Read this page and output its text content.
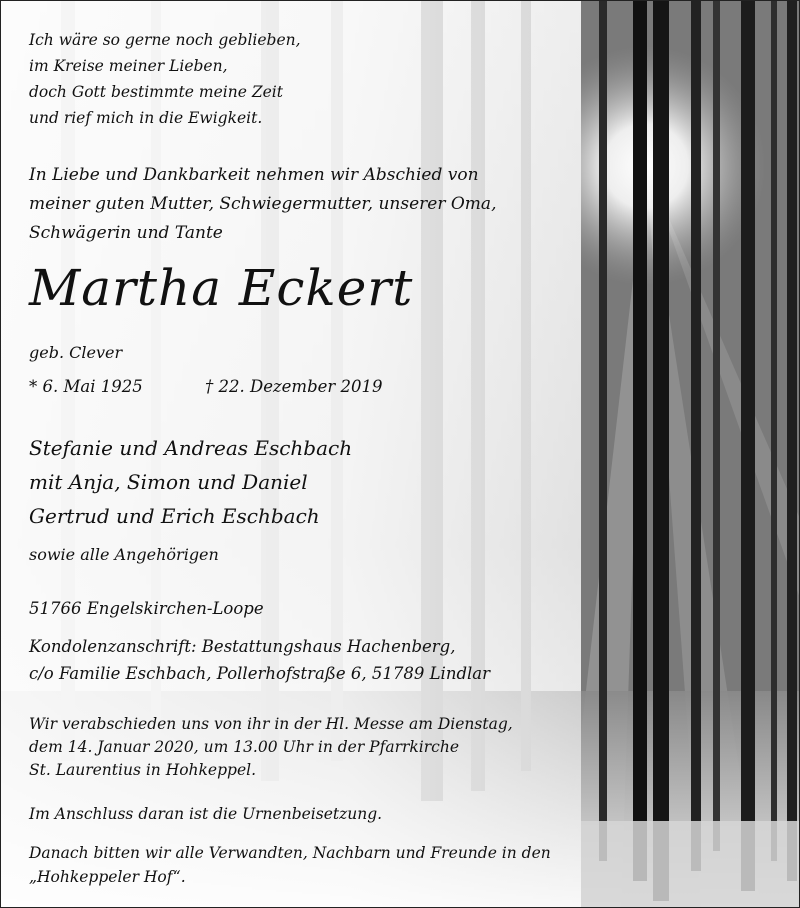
Ich wäre so gerne noch geblieben,
im Kreise meiner Lieben,
doch Gott bestimmte meine Zeit
und rief mich in die Ewigkeit.
In Liebe und Dankbarkeit nehmen wir Abschied von
meiner guten Mutter, Schwiegermutter, unserer Oma,
Schwägerin und Tante
Martha Eckert
geb. Clever
* 6. Mai 1925	† 22. Dezember 2019
Stefanie und Andreas Eschbach
mit Anja, Simon und Daniel
Gertrud und Erich Eschbach
sowie alle Angehörigen
51766 Engelskirchen-Loope
Kondolenzanschrift: Bestattungshaus Hachenberg,
c/o Familie Eschbach, Pollerhofstraße 6, 51789 Lindlar
Wir verabschieden uns von ihr in der Hl. Messe am Dienstag,
dem 14. Januar 2020, um 13.00 Uhr in der Pfarrkirche
St. Laurentius in Hohkeppel.
Im Anschluss daran ist die Urnenbeisetzung.
Danach bitten wir alle Verwandten, Nachbarn und Freunde in den
„Hohkeppeler Hof“.
